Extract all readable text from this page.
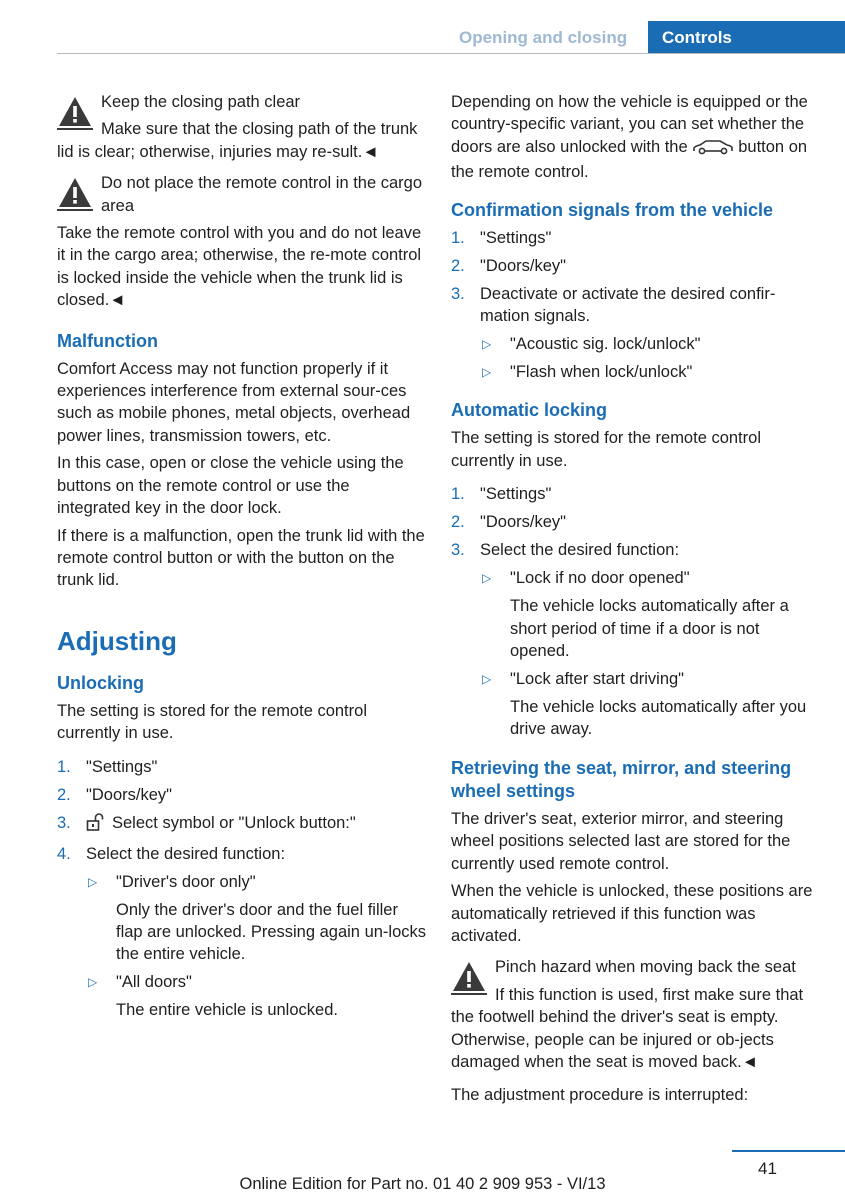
Opening and closing Controls

Keep the closing path clear

Make sure that the closing path of the trunk lid is clear; otherwise, injuries may re-sult.◄

Do not place the remote control in the cargo area

Take the remote control with you and do not leave it in the cargo area; otherwise, the re-mote control is locked inside the vehicle when the trunk lid is closed.◄

Malfunction

Comfort Access may not function properly if it experiences interference from external sour-ces such as mobile phones, metal objects, overhead power lines, transmission towers, etc.

In this case, open or close the vehicle using the buttons on the remote control or use the integrated key in the door lock.

If there is a malfunction, open the trunk lid with the remote control button or with the button on the trunk lid.

Adjusting
Unlocking

The setting is stored for the remote control currently in use.

1. "Settings"
2. "Doors/key"
3. Select symbol or "Unlock button:"
4. Select the desired function:
▷ "Driver's door only"

Only the driver's door and the fuel filler flap are unlocked. Pressing again un-locks the entire vehicle.

▷ "All doors"

The entire vehicle is unlocked.

Depending on how the vehicle is equipped or the country-specific variant, you can set whether the doors are also unlocked with the	button on the remote control.

Confirmation signals from the vehicle
1. "Settings"
2. "Doors/key"
3. Deactivate or activate the desired confir-mation signals.
▷ "Acoustic sig. lock/unlock"
▷ "Flash when lock/unlock"
Automatic locking

The setting is stored for the remote control currently in use.

1. "Settings"
2. "Doors/key"
3. Select the desired function:
▷ "Lock if no door opened"

The vehicle locks automatically after a short period of time if a door is not opened.

▷ "Lock after start driving"

The vehicle locks automatically after you drive away.

Retrieving the seat, mirror, and steering wheel settings

The driver's seat, exterior mirror, and steering wheel positions selected last are stored for the currently used remote control.

When the vehicle is unlocked, these positions are automatically retrieved if this function was activated.

Pinch hazard when moving back the seat

If this function is used, first make sure that the footwell behind the driver's seat is empty. Otherwise, people can be injured or ob-jects damaged when the seat is moved back.◄

The adjustment procedure is interrupted:

41
Online Edition for Part no. 01 40 2 909 953 - VI/13
